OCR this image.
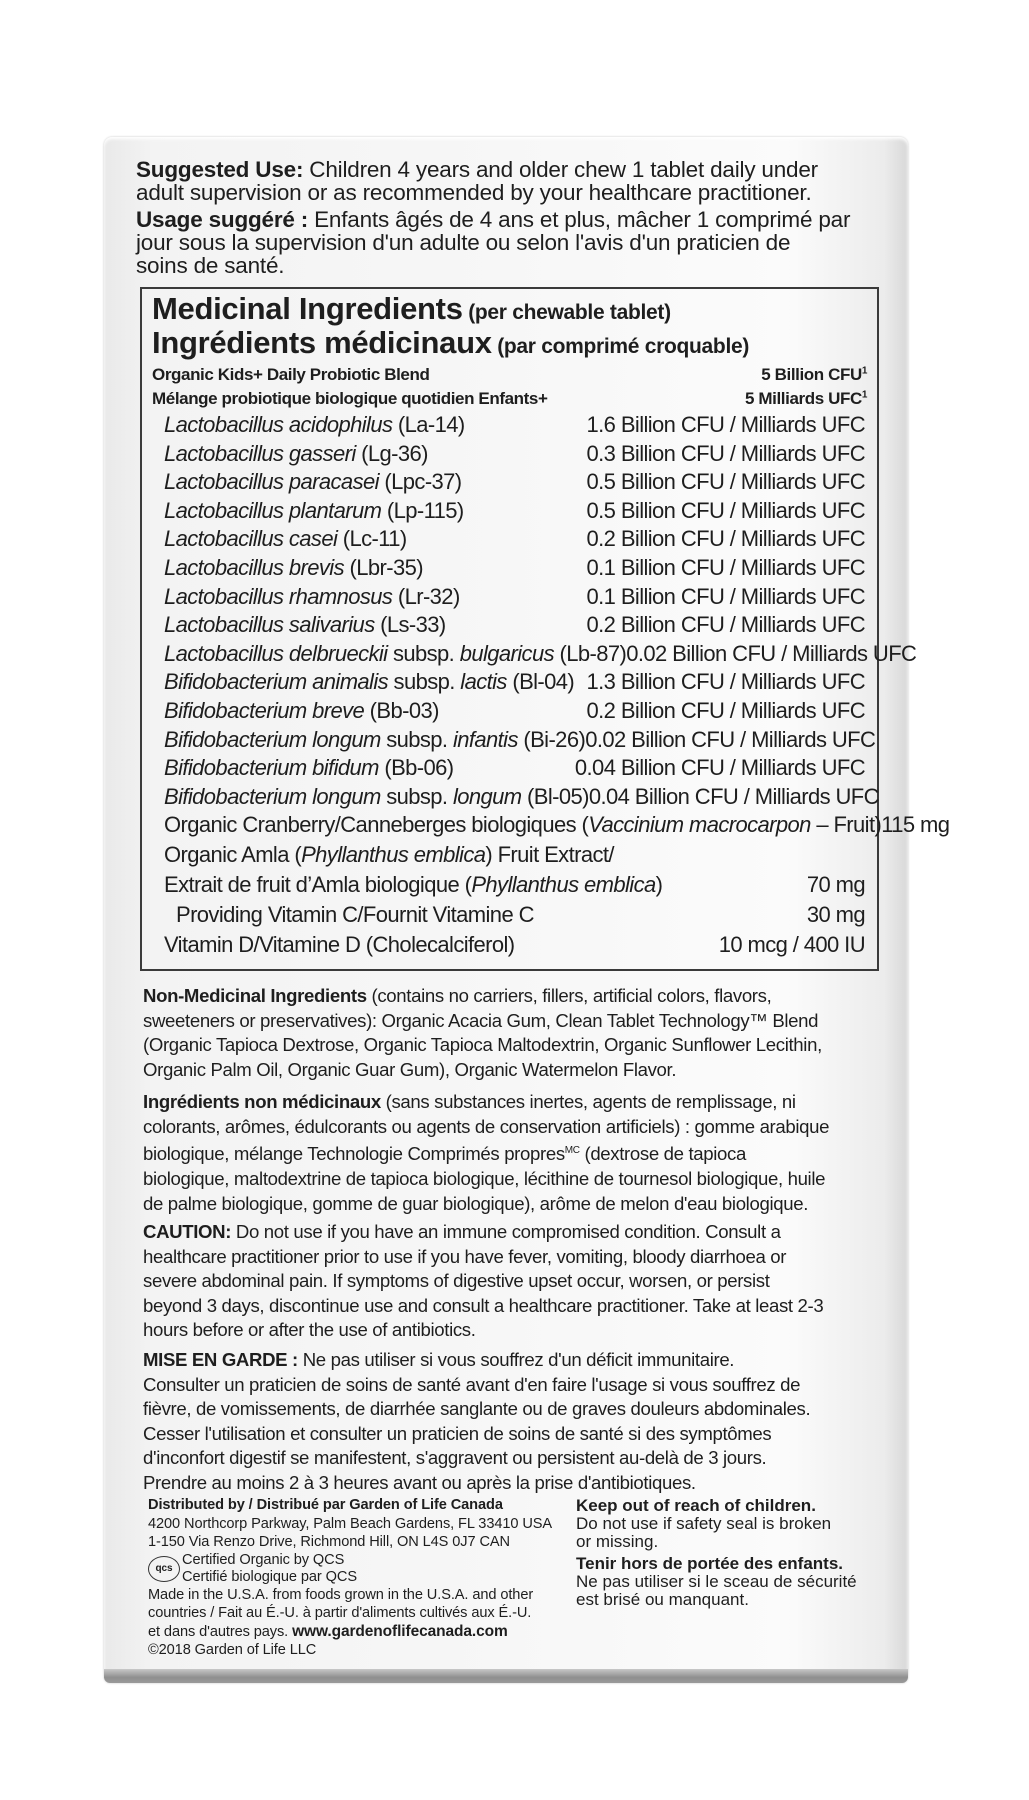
Suggested Use: Children 4 years and older chew 1 tablet daily under
adult supervision or as recommended by your healthcare practitioner.

Usage suggéré : Enfants âgés de 4 ans et plus, mâcher 1 comprimé par
jour sous la supervision d'un adulte ou selon l'avis d'un praticien de
soins de santé.

Medicinal Ingredients (per chewable tablet)
Ingrédients médicinaux (par comprimé croquable)
Organic Kids+ Daily Probiotic Blend	5 Billion CFU$^1$
Mélange probiotique biologique quotidien Enfants+	5 Milliards UFC$^1$
Lactobacillus acidophilus (La-14)	1.6 Billion CFU / Milliards UFC
Lactobacillus gasseri (Lg-36)	0.3 Billion CFU / Milliards UFC
Lactobacillus paracasei (Lpc-37)	0.5 Billion CFU / Milliards UFC
Lactobacillus plantarum (Lp-115)	0.5 Billion CFU / Milliards UFC
Lactobacillus casei (Lc-11)	0.2 Billion CFU / Milliards UFC
Lactobacillus brevis (Lbr-35)	0.1 Billion CFU / Milliards UFC
Lactobacillus rhamnosus (Lr-32)	0.1 Billion CFU / Milliards UFC
Lactobacillus salivarius (Ls-33)	0.2 Billion CFU / Milliards UFC
Lactobacillus delbrueckii subsp. bulgaricus (Lb-87) 0.02 Billion CFU / Milliards UFC
Bifidobacterium animalis subsp. lactis (Bl-04) 1.3 Billion CFU / Milliards UFC
Bifidobacterium breve (Bb-03)	0.2 Billion CFU / Milliards UFC
Bifidobacterium longum subsp. infantis (Bi-26) 0.02 Billion CFU / Milliards UFC
Bifidobacterium bifidum (Bb-06)	0.04 Billion CFU / Milliards UFC
Bifidobacterium longum subsp. longum (Bl-05) 0.04 Billion CFU / Milliards UFC
Organic Cranberry/Canneberges biologiques (Vaccinium macrocarpon – Fruit) 115 mg
Organic Amla (Phyllanthus emblica) Fruit Extract/
Extrait de fruit d’Amla biologique (Phyllanthus emblica)	70 mg
Providing Vitamin C/Fournit Vitamine C	30 mg
Vitamin D/Vitamine D (Cholecalciferol)	10 mcg / 400 IU

Non-Medicinal Ingredients (contains no carriers, fillers, artificial colors, flavors,
sweeteners or preservatives): Organic Acacia Gum, Clean Tablet Technology™ Blend
(Organic Tapioca Dextrose, Organic Tapioca Maltodextrin, Organic Sunflower Lecithin,
Organic Palm Oil, Organic Guar Gum), Organic Watermelon Flavor.

Ingrédients non médicinaux (sans substances inertes, agents de remplissage, ni
colorants, arômes, édulcorants ou agents de conservation artificiels) : gomme arabique
biologique, mélange Technologie Comprimés propres$^{MC}$ (dextrose de tapioca
biologique, maltodextrine de tapioca biologique, lécithine de tournesol biologique, huile
de palme biologique, gomme de guar biologique), arôme de melon d'eau biologique.

CAUTION: Do not use if you have an immune compromised condition. Consult a
healthcare practitioner prior to use if you have fever, vomiting, bloody diarrhoea or
severe abdominal pain. If symptoms of digestive upset occur, worsen, or persist
beyond 3 days, discontinue use and consult a healthcare practitioner. Take at least 2-3
hours before or after the use of antibiotics.

MISE EN GARDE : Ne pas utiliser si vous souffrez d'un déficit immunitaire.
Consulter un praticien de soins de santé avant d'en faire l'usage si vous souffrez de
fièvre, de vomissements, de diarrhée sanglante ou de graves douleurs abdominales.
Cesser l'utilisation et consulter un praticien de soins de santé si des symptômes
d'inconfort digestif se manifestent, s'aggravent ou persistent au-delà de 3 jours.
Prendre au moins 2 à 3 heures avant ou après la prise d'antibiotiques.

Distributed by / Distribué par Garden of Life Canada
4200 Northcorp Parkway, Palm Beach Gardens, FL 33410 USA
1-150 Via Renzo Drive, Richmond Hill, ON L4S 0J7 CAN
qcs
Certified Organic by QCS
Certifié biologique par QCS
Made in the U.S.A. from foods grown in the U.S.A. and other
countries / Fait au É.-U. à partir d'aliments cultivés aux É.-U.
et dans d'autres pays. www.gardenoflifecanada.com
©2018 Garden of Life LLC
Keep out of reach of children.
Do not use if safety seal is broken
or missing.
Tenir hors de portée des enfants.
Ne pas utiliser si le sceau de sécurité
est brisé ou manquant.
